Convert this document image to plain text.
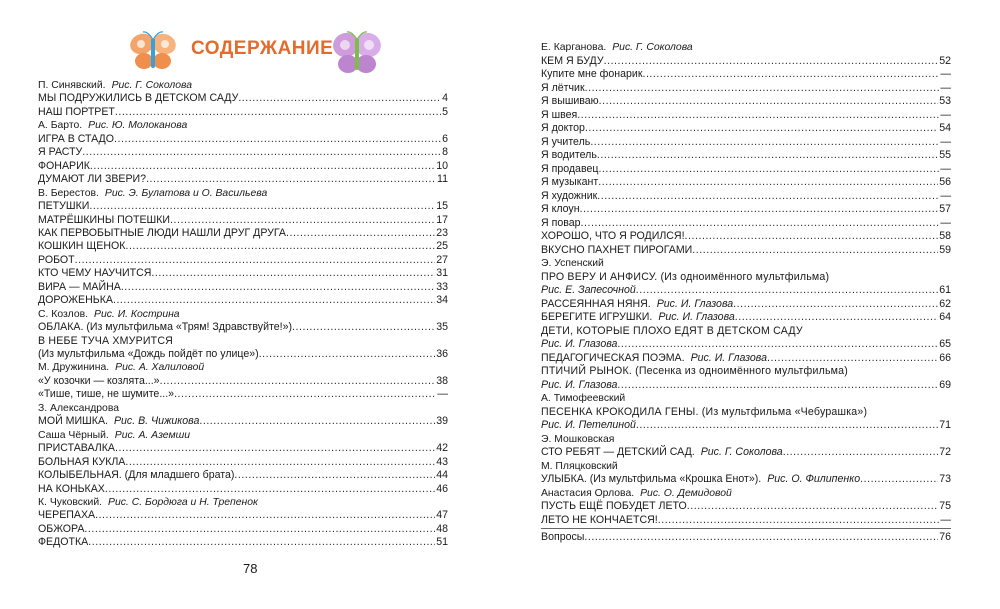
СОДЕРЖАНИЕ
П. Синявский. Рис. Г. Соколова
МЫ ПОДРУЖИЛИСЬ В ДЕТСКОМ САДУ . . .	4
НАШ ПОРТРЕТ . . .	5
А. Барто. Рис. Ю. Молоканова
ИГРА В СТАДО . . .	6
Я РАСТУ . . .	8
ФОНАРИК . . .	10
ДУМАЮТ ЛИ ЗВЕРИ? . . .	11
В. Берестов. Рис. Э. Булатова и О. Васильева
ПЕТУШКИ . . .	15
МАТРЁШКИНЫ ПОТЕШКИ . . .	17
КАК ПЕРВОБЫТНЫЕ ЛЮДИ НАШЛИ ДРУГ ДРУГА . . .	23
КОШКИН ЩЕНОК . . .	25
РОБОТ . . .	27
КТО ЧЕМУ НАУЧИТСЯ . . .	31
ВИРА — МАЙНА . . .	33
ДОРОЖЕНЬКА . . .	34
С. Козлов. Рис. И. Кострина
ОБЛАКА. (Из мультфильма «Трям! Здравствуйте!») . . .	35
В НЕБЕ ТУЧА ХМУРИТСЯ
(Из мультфильма «Дождь пойдёт по улице») . . .	36
М. Дружинина. Рис. А. Халиловой
«У козочки — козлята...» . . .	38
«Тише, тише, не шумите...» . . .	—
З. Александрова
МОЙ МИШКА. Рис. В. Чижикова . . .	39
Саша Чёрный. Рис. А. Аземши
ПРИСТАВАЛКА . . .	42
БОЛЬНАЯ КУКЛА . . .	43
КОЛЫБЕЛЬНАЯ. (Для младшего брата) . . .	44
НА КОНЬКАХ . . .	46
К. Чуковский. Рис. С. Бордюга и Н. Трепенок
ЧЕРЕПАХА . . .	47
ОБЖОРА . . .	48
ФЕДОТКА . . .	51
Е. Карганова. Рис. Г. Соколова
КЕМ Я БУДУ . . .	52
Купите мне фонарик . . .	—
Я лётчик . . .	—
Я вышиваю . . .	53
Я швея . . .	—
Я доктор . . .	54
Я учитель . . .	—
Я водитель . . .	55
Я продавец . . .	—
Я музыкант . . .	56
Я художник . . .	—
Я клоун . . .	57
Я повар . . .	—
ХОРОШО, ЧТО Я РОДИЛСЯ! . . .	58
ВКУСНО ПАХНЕТ ПИРОГАМИ . . .	59
Э. Успенский
ПРО ВЕРУ И АНФИСУ. (Из одноимённого мультфильма)
Рис. Е. Запесочной . . .	61
РАССЕЯННАЯ НЯНЯ. Рис. И. Глазова . . .	62
БЕРЕГИТЕ ИГРУШКИ. Рис. И. Глазова . . .	64
ДЕТИ, КОТОРЫЕ ПЛОХО ЕДЯТ В ДЕТСКОМ САДУ
Рис. И. Глазова . . .	65
ПЕДАГОГИЧЕСКАЯ ПОЭМА. Рис. И. Глазова . . .	66
ПТИЧИЙ РЫНОК. (Песенка из одноимённого мультфильма)
Рис. И. Глазова . . .	69
А. Тимофеевский
ПЕСЕНКА КРОКОДИЛА ГЕНЫ. (Из мультфильма «Чебурашка»)
Рис. И. Петелиной . . .	71
Э. Мошковская
СТО РЕБЯТ — ДЕТСКИЙ САД. Рис. Г. Соколова . . .	72
М. Пляцковский
УЛЫБКА. (Из мультфильма «Крошка Енот»). Рис. О. Филипенко . . .	73
Анастасия Орлова. Рис. О. Демидовой
ПУСТЬ ЕЩЁ ПОБУДЕТ ЛЕТО . . .	75
ЛЕТО НЕ КОНЧАЕТСЯ! . . .	—
Вопросы . . .	76
78
